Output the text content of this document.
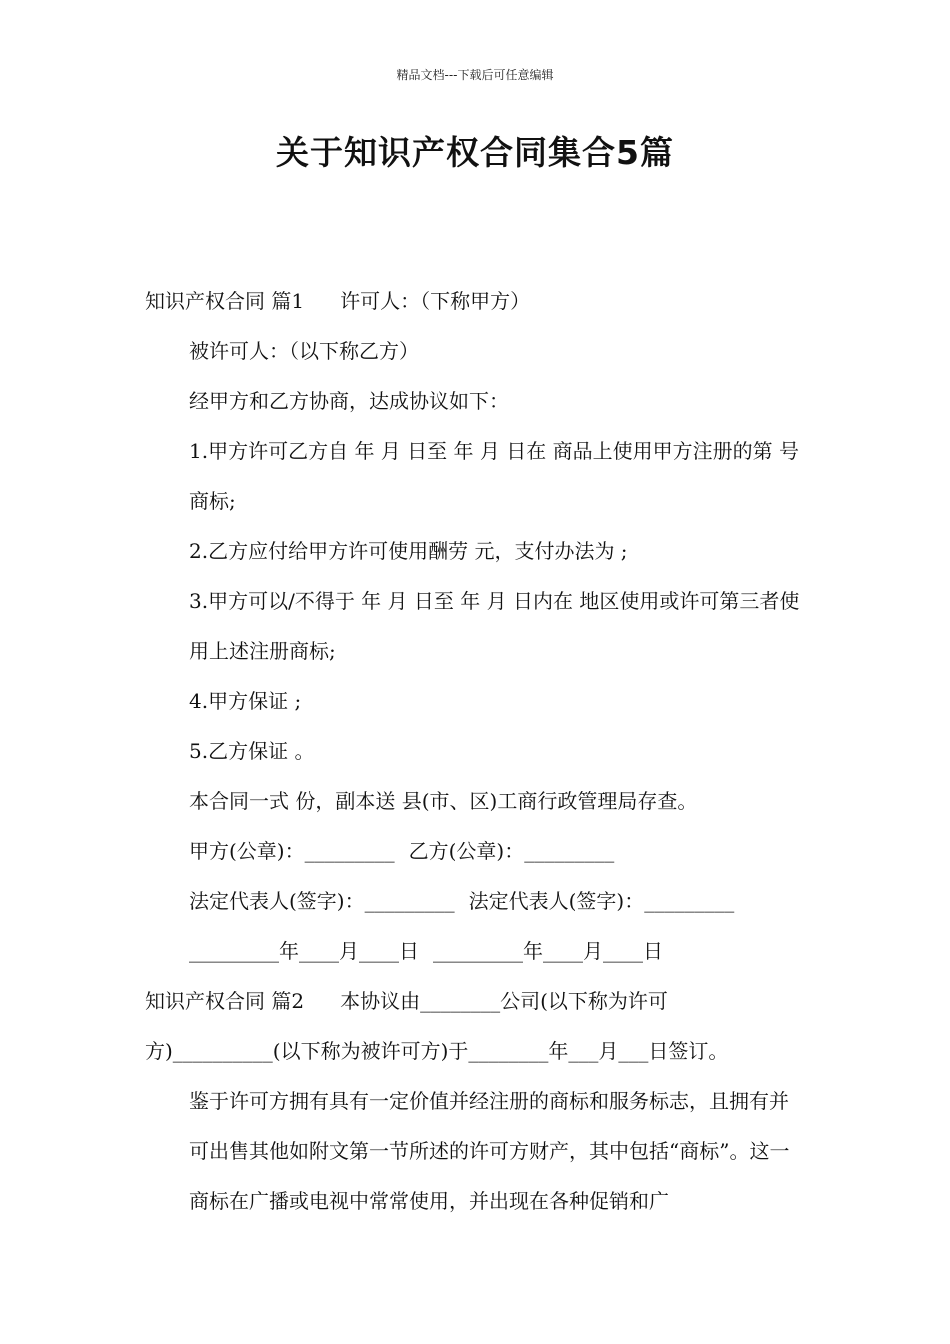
精品文档---下载后可任意编辑
关于知识产权合同集合5篇
知识产权合同 篇1 许可人：（下称甲方）
被许可人：（以下称乙方）
经甲方和乙方协商，达成协议如下：
1.甲方许可乙方自 年 月 日至 年 月 日在 商品上使用甲方注册的第 号 商标;
2.乙方应付给甲方许可使用酬劳 元，支付办法为 ;
3.甲方可以/不得于 年 月 日至 年 月 日内在 地区使用或许可第三者使用上述注册商标;
4.甲方保证 ;
5.乙方保证 。
本合同一式 份，副本送 县(市、区)工商行政管理局存查。
甲方(公章)：_________ 乙方(公章)：_________
法定代表人(签字)：_________ 法定代表人(签字)：_________
_________年____月____日 _________年____月____日
知识产权合同 篇2 本协议由________公司(以下称为许可方)__________(以下称为被许可方)于________年___月___日签订。
鉴于许可方拥有具有一定价值并经注册的商标和服务标志，且拥有并可出售其他如附文第一节所述的许可方财产，其中包括“商标”。这一商标在广播或电视中常常使用，并出现在各种促销和广
